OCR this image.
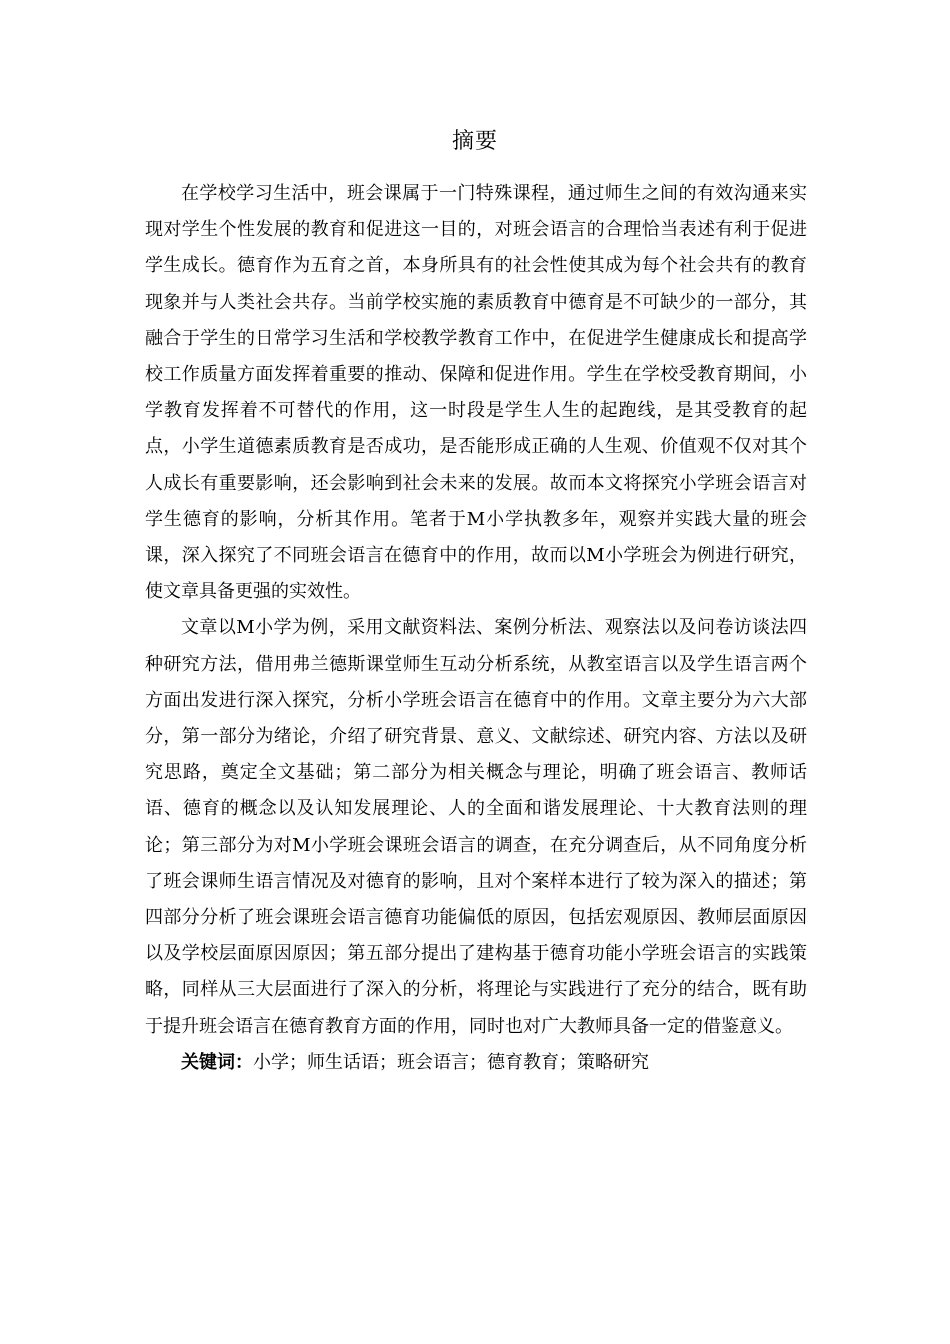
摘要

在学校学习生活中，班会课属于一门特殊课程，通过师生之间的有效沟通来实现对学生个性发展的教育和促进这一目的，对班会语言的合理恰当表述有利于促进学生成长。德育作为五育之首，本身所具有的社会性使其成为每个社会共有的教育现象并与人类社会共存。当前学校实施的素质教育中德育是不可缺少的一部分，其融合于学生的日常学习生活和学校教学教育工作中，在促进学生健康成长和提高学校工作质量方面发挥着重要的推动、保障和促进作用。学生在学校受教育期间，小学教育发挥着不可替代的作用，这一时段是学生人生的起跑线，是其受教育的起点，小学生道德素质教育是否成功，是否能形成正确的人生观、价值观不仅对其个人成长有重要影响，还会影响到社会未来的发展。故而本文将探究小学班会语言对学生德育的影响，分析其作用。笔者于M小学执教多年，观察并实践大量的班会课，深入探究了不同班会语言在德育中的作用，故而以M小学班会为例进行研究，使文章具备更强的实效性。

文章以M小学为例，采用文献资料法、案例分析法、观察法以及问卷访谈法四种研究方法，借用弗兰德斯课堂师生互动分析系统，从教室语言以及学生语言两个方面出发进行深入探究，分析小学班会语言在德育中的作用。文章主要分为六大部分，第一部分为绪论，介绍了研究背景、意义、文献综述、研究内容、方法以及研究思路，奠定全文基础；第二部分为相关概念与理论，明确了班会语言、教师话语、德育的概念以及认知发展理论、人的全面和谐发展理论、十大教育法则的理论；第三部分为对M小学班会课班会语言的调查，在充分调查后，从不同角度分析了班会课师生语言情况及对德育的影响，且对个案样本进行了较为深入的描述；第四部分分析了班会课班会语言德育功能偏低的原因，包括宏观原因、教师层面原因以及学校层面原因原因；第五部分提出了建构基于德育功能小学班会语言的实践策略，同样从三大层面进行了深入的分析，将理论与实践进行了充分的结合，既有助于提升班会语言在德育教育方面的作用，同时也对广大教师具备一定的借鉴意义。

关键词：小学；师生话语；班会语言；德育教育；策略研究
